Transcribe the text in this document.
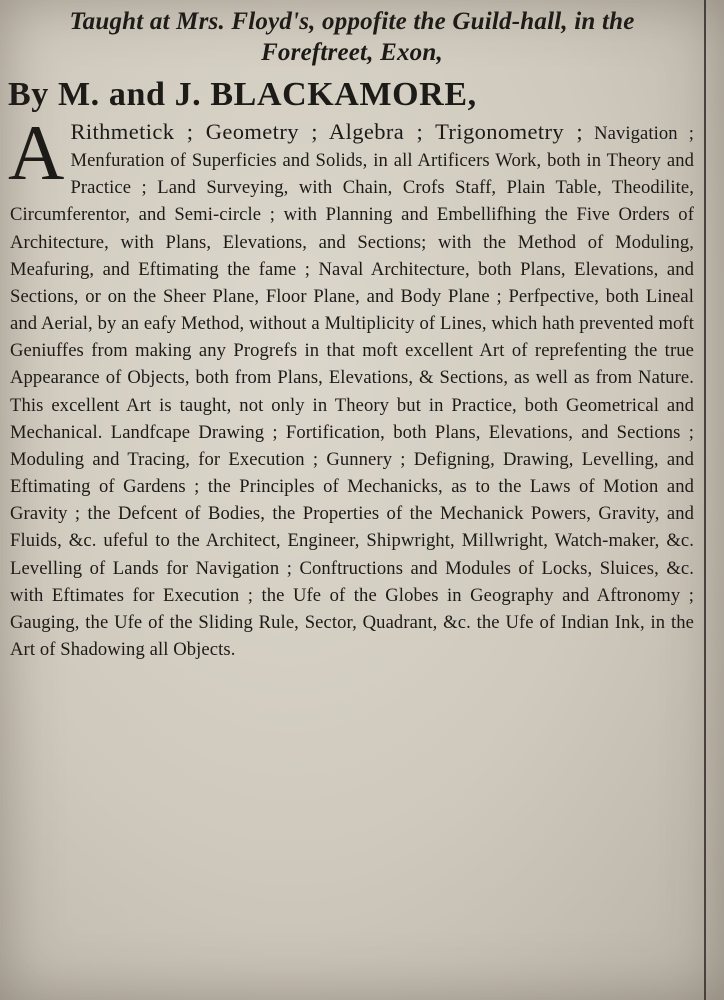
Taught at Mrs. Floyd's, oppofite the Guild-hall, in the Foreftreet, Exon,
By M. and J. BLACKAMORE,
A Rithmetick ; Geometry ; Algebra ; Trigonometry ; Navigation ; Menfuration of Superficies and Solids, in all Artificers Work, both in Theory and Practice ; Land Surveying, with Chain, Crofs Staff, Plain Table, Theodilite, Circumferentor, and Semi-circle ; with Planning and Embellifhing the Five Orders of Architecture, with Plans, Elevations, and Sections; with the Method of Moduling, Meafuring, and Eftimating the fame ; Naval Architecture, both Plans, Elevations, and Sections, or on the Sheer Plane, Floor Plane, and Body Plane ; Perfpective, both Lineal and Aerial, by an eafy Method, without a Multiplicity of Lines, which hath prevented moft Geniuffes from making any Progrefs in that moft excellent Art of reprefenting the true Appearance of Objects, both from Plans, Elevations, & Sections, as well as from Nature. This excellent Art is taught, not only in Theory but in Practice, both Geometrical and Mechanical. Landfcape Drawing ; Fortification, both Plans, Elevations, and Sections ; Moduling and Tracing, for Execution ; Gunnery ; Defigning, Drawing, Levelling, and Eftimating of Gardens ; the Principles of Mechanicks, as to the Laws of Motion and Gravity ; the Defcent of Bodies, the Properties of the Mechanick Powers, Gravity, and Fluids, &c. ufeful to the Architect, Engineer, Shipwright, Millwright, Watch-maker, &c. Levelling of Lands for Navigation ; Conftructions and Modules of Locks, Sluices, &c. with Eftimates for Execution ; the Ufe of the Globes in Geography and Aftronomy ; Gauging, the Ufe of the Sliding Rule, Sector, Quadrant, &c. the Ufe of Indian Ink, in the Art of Shadowing all Objects.
